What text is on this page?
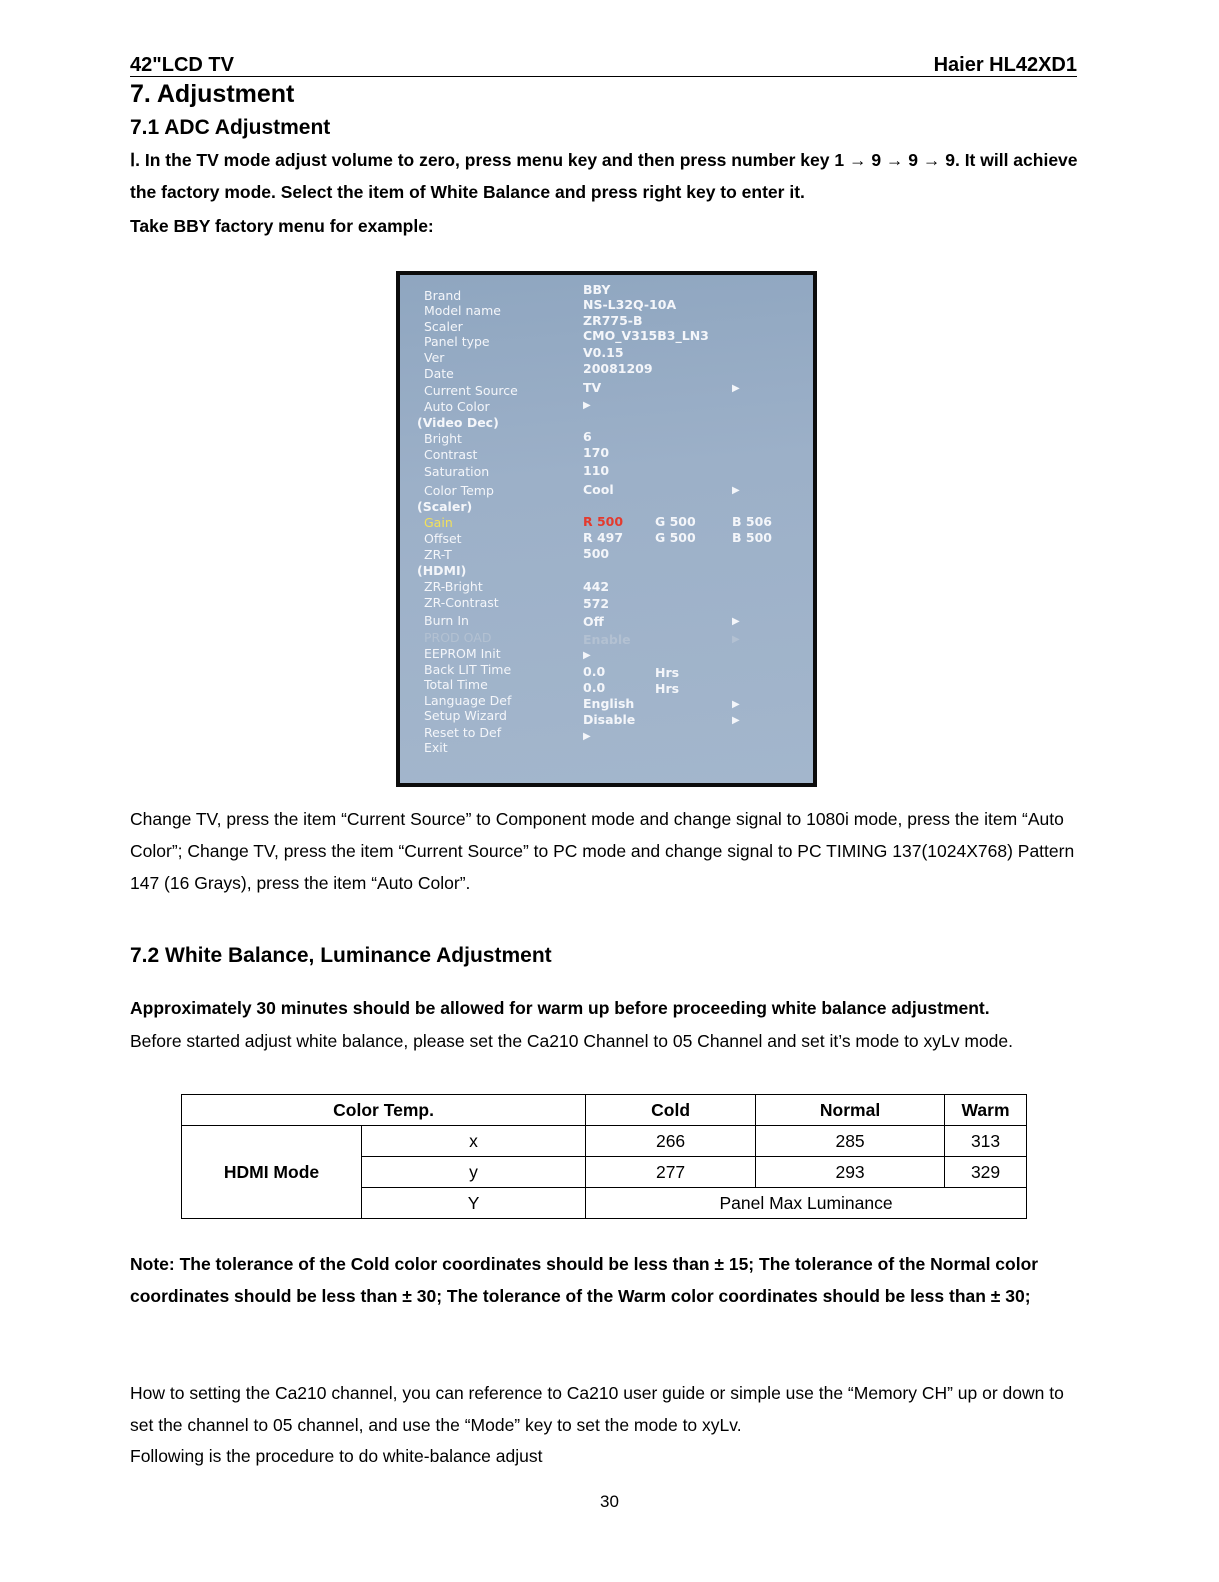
42"LCD TV	Haier HL42XD1
7. Adjustment
7.1 ADC Adjustment
Ⅰ. In the TV mode adjust volume to zero, press menu key and then press number key 1 → 9 → 9 → 9. It will achieve the factory mode. Select the item of White Balance and press right key to enter it.
Take BBY factory menu for example:
Brand	BBY
Model name	NS-L32Q-10A
Scaler	ZR775-B
Panel type	CMO_V315B3_LN3
Ver	V0.15
Date	20081209
Current Source	TV	▶
Auto Color	▶
(Video Dec)
Bright	6
Contrast	170
Saturation	110
Color Temp	Cool	▶
(Scaler)
Gain	R 500	G 500	B 506
Offset	R 497	G 500	B 500
ZR-T	500
(HDMI)
ZR-Bright	442
ZR-Contrast	572
Burn In	Off	▶
PROD OAD	Enable	▶
EEPROM Init	▶
Back LIT Time	0.0	Hrs
Total Time	0.0	Hrs
Language Def	English	▶
Setup Wizard	Disable	▶
Reset to Def	▶
Exit
Change TV, press the item “Current Source” to Component mode and change signal to 1080i mode, press the item “Auto Color”; Change TV, press the item “Current Source” to PC mode and change signal to PC TIMING 137(1024X768) Pattern 147 (16 Grays), press the item “Auto Color”.
7.2 White Balance, Luminance Adjustment
Approximately 30 minutes should be allowed for warm up before proceeding white balance adjustment.
Before started adjust white balance, please set the Ca210 Channel to 05 Channel and set it’s mode to xyLv mode.
Color Temp.		Cold	Normal	Warm
HDMI Mode	x	266	285	313
	y	277	293	329
	Y	Panel Max Luminance		
Note: The tolerance of the Cold color coordinates should be less than ± 15; The tolerance of the Normal color coordinates should be less than ± 30; The tolerance of the Warm color coordinates should be less than ± 30;
How to setting the Ca210 channel, you can reference to Ca210 user guide or simple use the “Memory CH” up or down to set the channel to 05 channel, and use the “Mode” key to set the mode to xyLv.
Following is the procedure to do white-balance adjust
30
